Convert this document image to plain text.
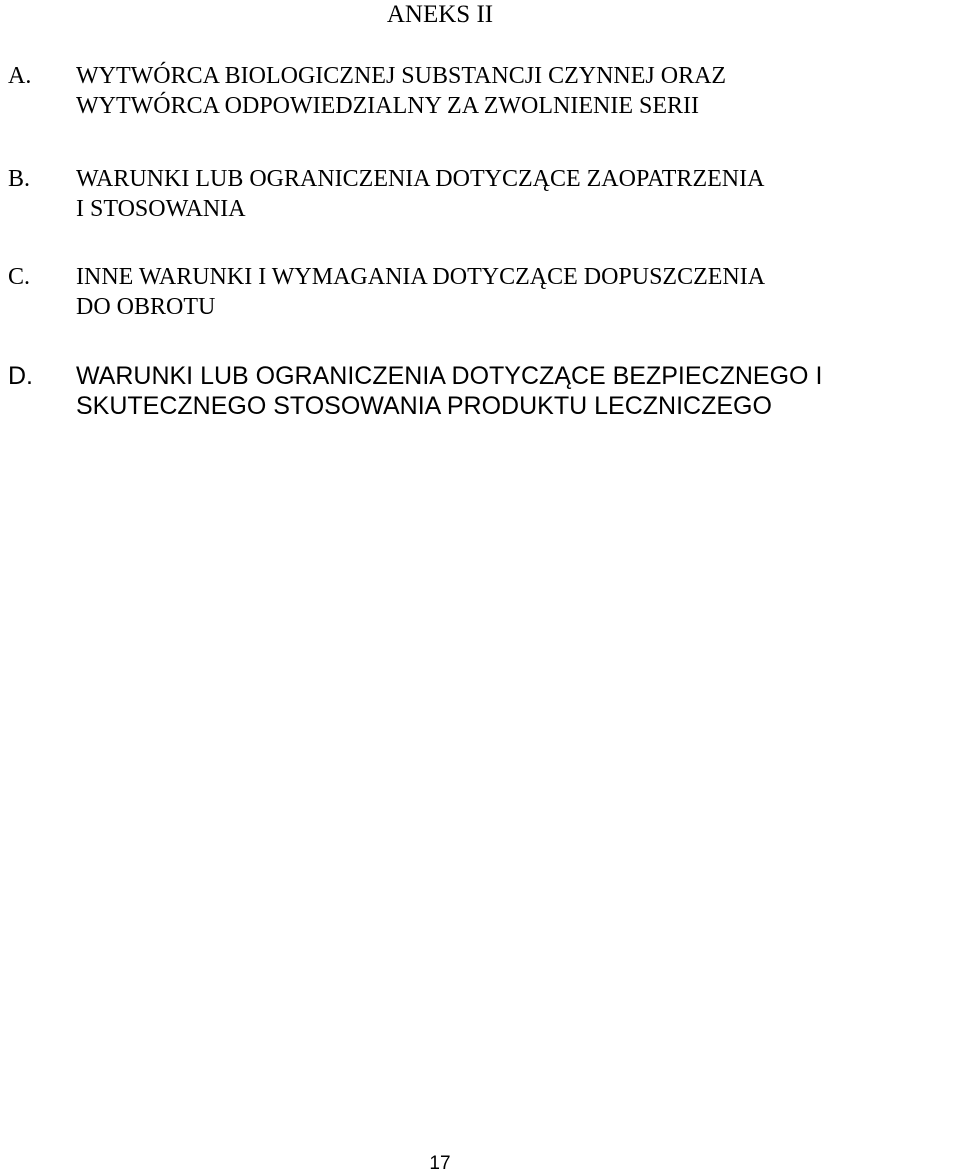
ANEKS II
A.	WYTWÓRCA BIOLOGICZNEJ SUBSTANCJI CZYNNEJ ORAZ
WYTWÓRCA ODPOWIEDZIALNY ZA ZWOLNIENIE SERII
B.	WARUNKI LUB OGRANICZENIA DOTYCZĄCE ZAOPATRZENIA
I STOSOWANIA
C.	INNE WARUNKI I WYMAGANIA DOTYCZĄCE DOPUSZCZENIA
DO OBROTU
D.	WARUNKI LUB OGRANICZENIA DOTYCZĄCE BEZPIECZNEGO I
SKUTECZNEGO STOSOWANIA PRODUKTU LECZNICZEGO
17
